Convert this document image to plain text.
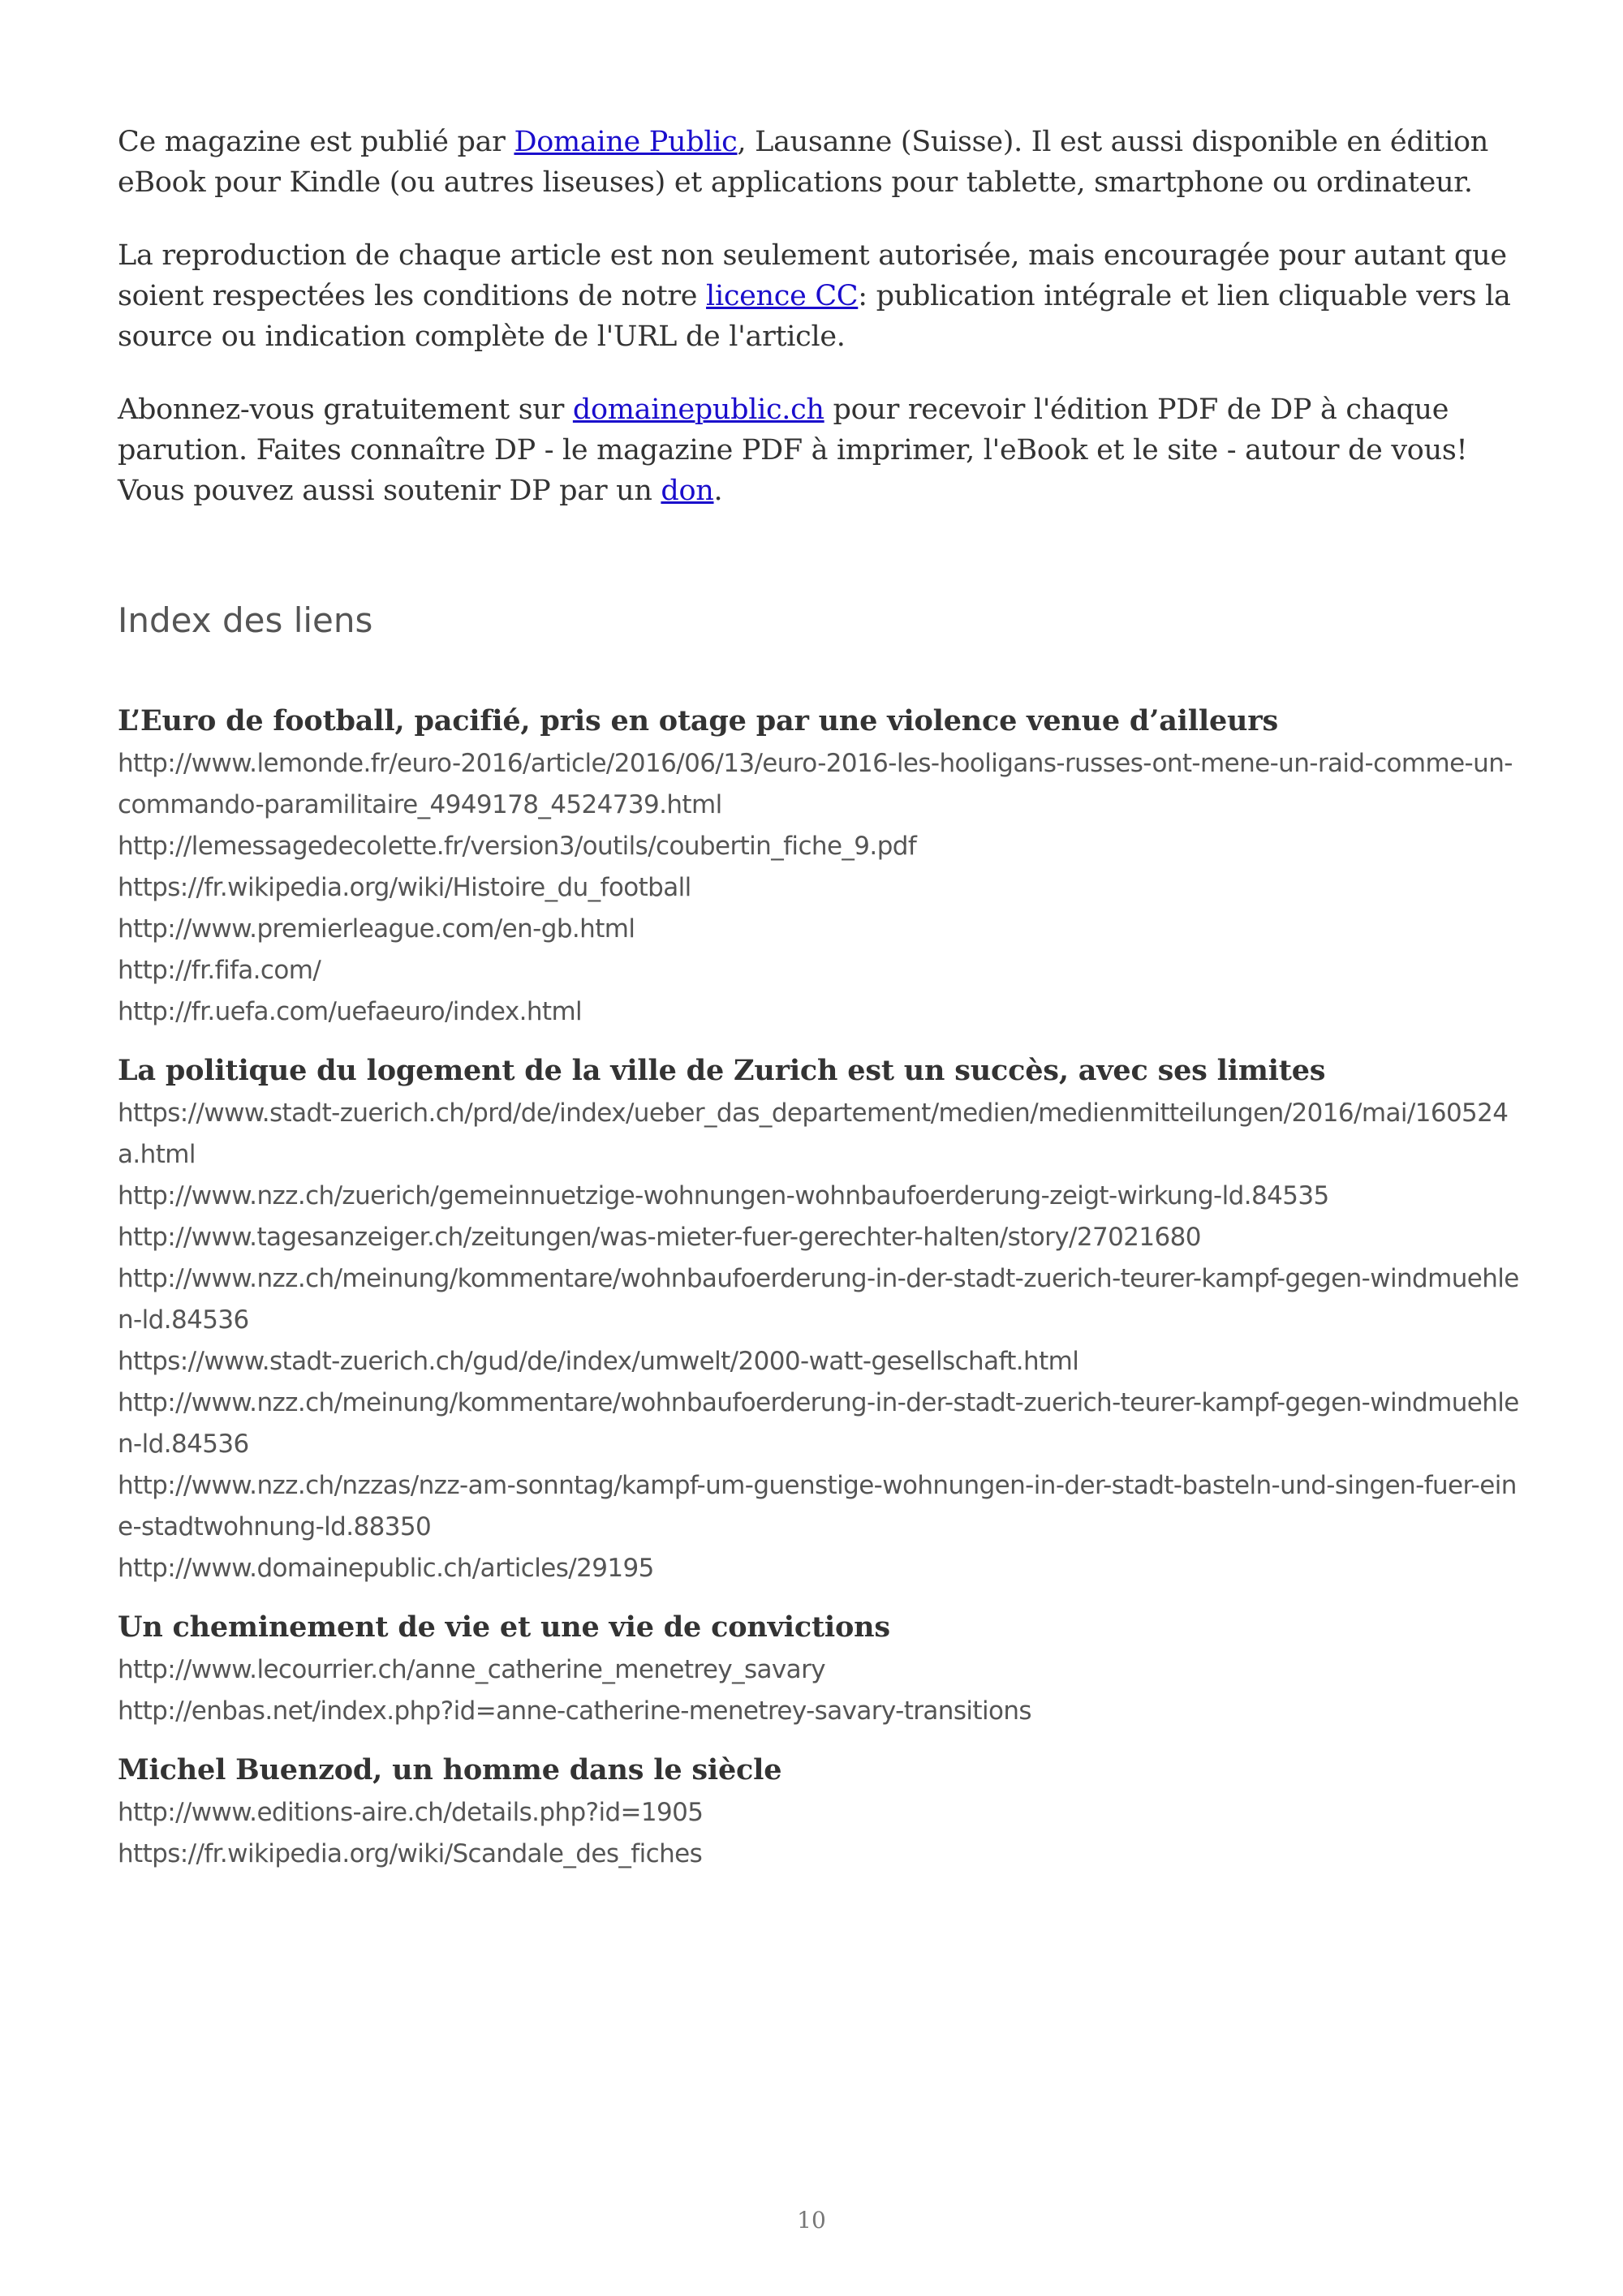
Ce magazine est publié par Domaine Public, Lausanne (Suisse). Il est aussi disponible en édition eBook pour Kindle (ou autres liseuses) et applications pour tablette, smartphone ou ordinateur.

La reproduction de chaque article est non seulement autorisée, mais encouragée pour autant que soient respectées les conditions de notre licence CC: publication intégrale et lien cliquable vers la source ou indication complète de l'URL de l'article.

Abonnez-vous gratuitement sur domainepublic.ch pour recevoir l'édition PDF de DP à chaque parution. Faites connaître DP - le magazine PDF à imprimer, l'eBook et le site - autour de vous! Vous pouvez aussi soutenir DP par un don.

Index des liens
L’Euro de football, pacifié, pris en otage par une violence venue d’ailleurs
http://www.lemonde.fr/euro-2016/article/2016/06/13/euro-2016-les-hooligans-russes-ont-mene-un-raid-comme-un-commando-paramilitaire_4949178_4524739.html
http://lemessagedecolette.fr/version3/outils/coubertin_fiche_9.pdf
https://fr.wikipedia.org/wiki/Histoire_du_football
http://www.premierleague.com/en-gb.html
http://fr.fifa.com/
http://fr.uefa.com/uefaeuro/index.html
La politique du logement de la ville de Zurich est un succès, avec ses limites
https://www.stadt-zuerich.ch/prd/de/index/ueber_das_departement/medien/medienmitteilungen/2016/mai/160524a.html
http://www.nzz.ch/zuerich/gemeinnuetzige-wohnungen-wohnbaufoerderung-zeigt-wirkung-ld.84535
http://www.tagesanzeiger.ch/zeitungen/was-mieter-fuer-gerechter-halten/story/27021680
http://www.nzz.ch/meinung/kommentare/wohnbaufoerderung-in-der-stadt-zuerich-teurer-kampf-gegen-windmuehlen-ld.84536
https://www.stadt-zuerich.ch/gud/de/index/umwelt/2000-watt-gesellschaft.html
http://www.nzz.ch/meinung/kommentare/wohnbaufoerderung-in-der-stadt-zuerich-teurer-kampf-gegen-windmuehlen-ld.84536
http://www.nzz.ch/nzzas/nzz-am-sonntag/kampf-um-guenstige-wohnungen-in-der-stadt-basteln-und-singen-fuer-eine-stadtwohnung-ld.88350
http://www.domainepublic.ch/articles/29195
Un cheminement de vie et une vie de convictions
http://www.lecourrier.ch/anne_catherine_menetrey_savary
http://enbas.net/index.php?id=anne-catherine-menetrey-savary-transitions
Michel Buenzod, un homme dans le siècle
http://www.editions-aire.ch/details.php?id=1905
https://fr.wikipedia.org/wiki/Scandale_des_fiches
10
